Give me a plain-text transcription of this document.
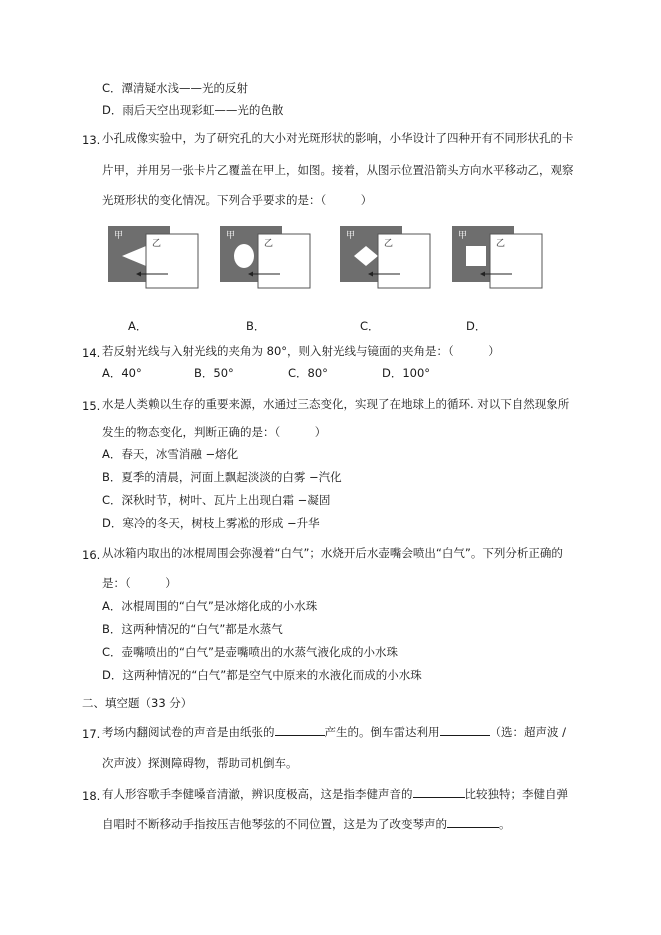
C．潭清疑水浅——光的反射
D．雨后天空出现彩虹——光的色散
13. 小孔成像实验中，为了研究孔的大小对光斑形状的影响，小华设计了四种开有不同形状孔的卡
片甲，并用另一张卡片乙覆盖在甲上，如图。接着，从图示位置沿箭头方向水平移动乙，观察
光斑形状的变化情况。下列合乎要求的是：（　　　）
甲
乙
甲
乙
甲
乙
甲
乙
A．	B．	C．	D．
14. 若反射光线与入射光线的夹角为 80°，则入射光线与镜面的夹角是：（　　　）
A．40°	B．50°	C．80°	D．100°
15. 水是人类赖以生存的重要来源，水通过三态变化，实现了在地球上的循环. 对以下自然现象所
发生的物态变化，判断正确的是：（　　　）
A．春天，冰雪消融 −熔化
B．夏季的清晨，河面上飘起淡淡的白雾 −汽化
C．深秋时节，树叶、瓦片上出现白霜 −凝固
D．寒冷的冬天，树枝上雾凇的形成 −升华
16. 从冰箱内取出的冰棍周围会弥漫着“白气”；水烧开后水壶嘴会喷出“白气”。下列分析正确的
是：（　　　）
A．冰棍周围的“白气”是冰熔化成的小水珠
B．这两种情况的“白气”都是水蒸气
C．壶嘴喷出的“白气”是壶嘴喷出的水蒸气液化成的小水珠
D．这两种情况的“白气”都是空气中原来的水液化而成的小水珠
二、填空题（33 分）
17. 考场内翻阅试卷的声音是由纸张的	产生的。倒车雷达利用	（选：超声波 /
次声波）探测障碍物，帮助司机倒车。
18. 有人形容歌手李健嗓音清澈，辨识度极高，这是指李健声音的	比较独特；李健自弹
自唱时不断移动手指按压吉他琴弦的不同位置，这是为了改变琴声的	。
